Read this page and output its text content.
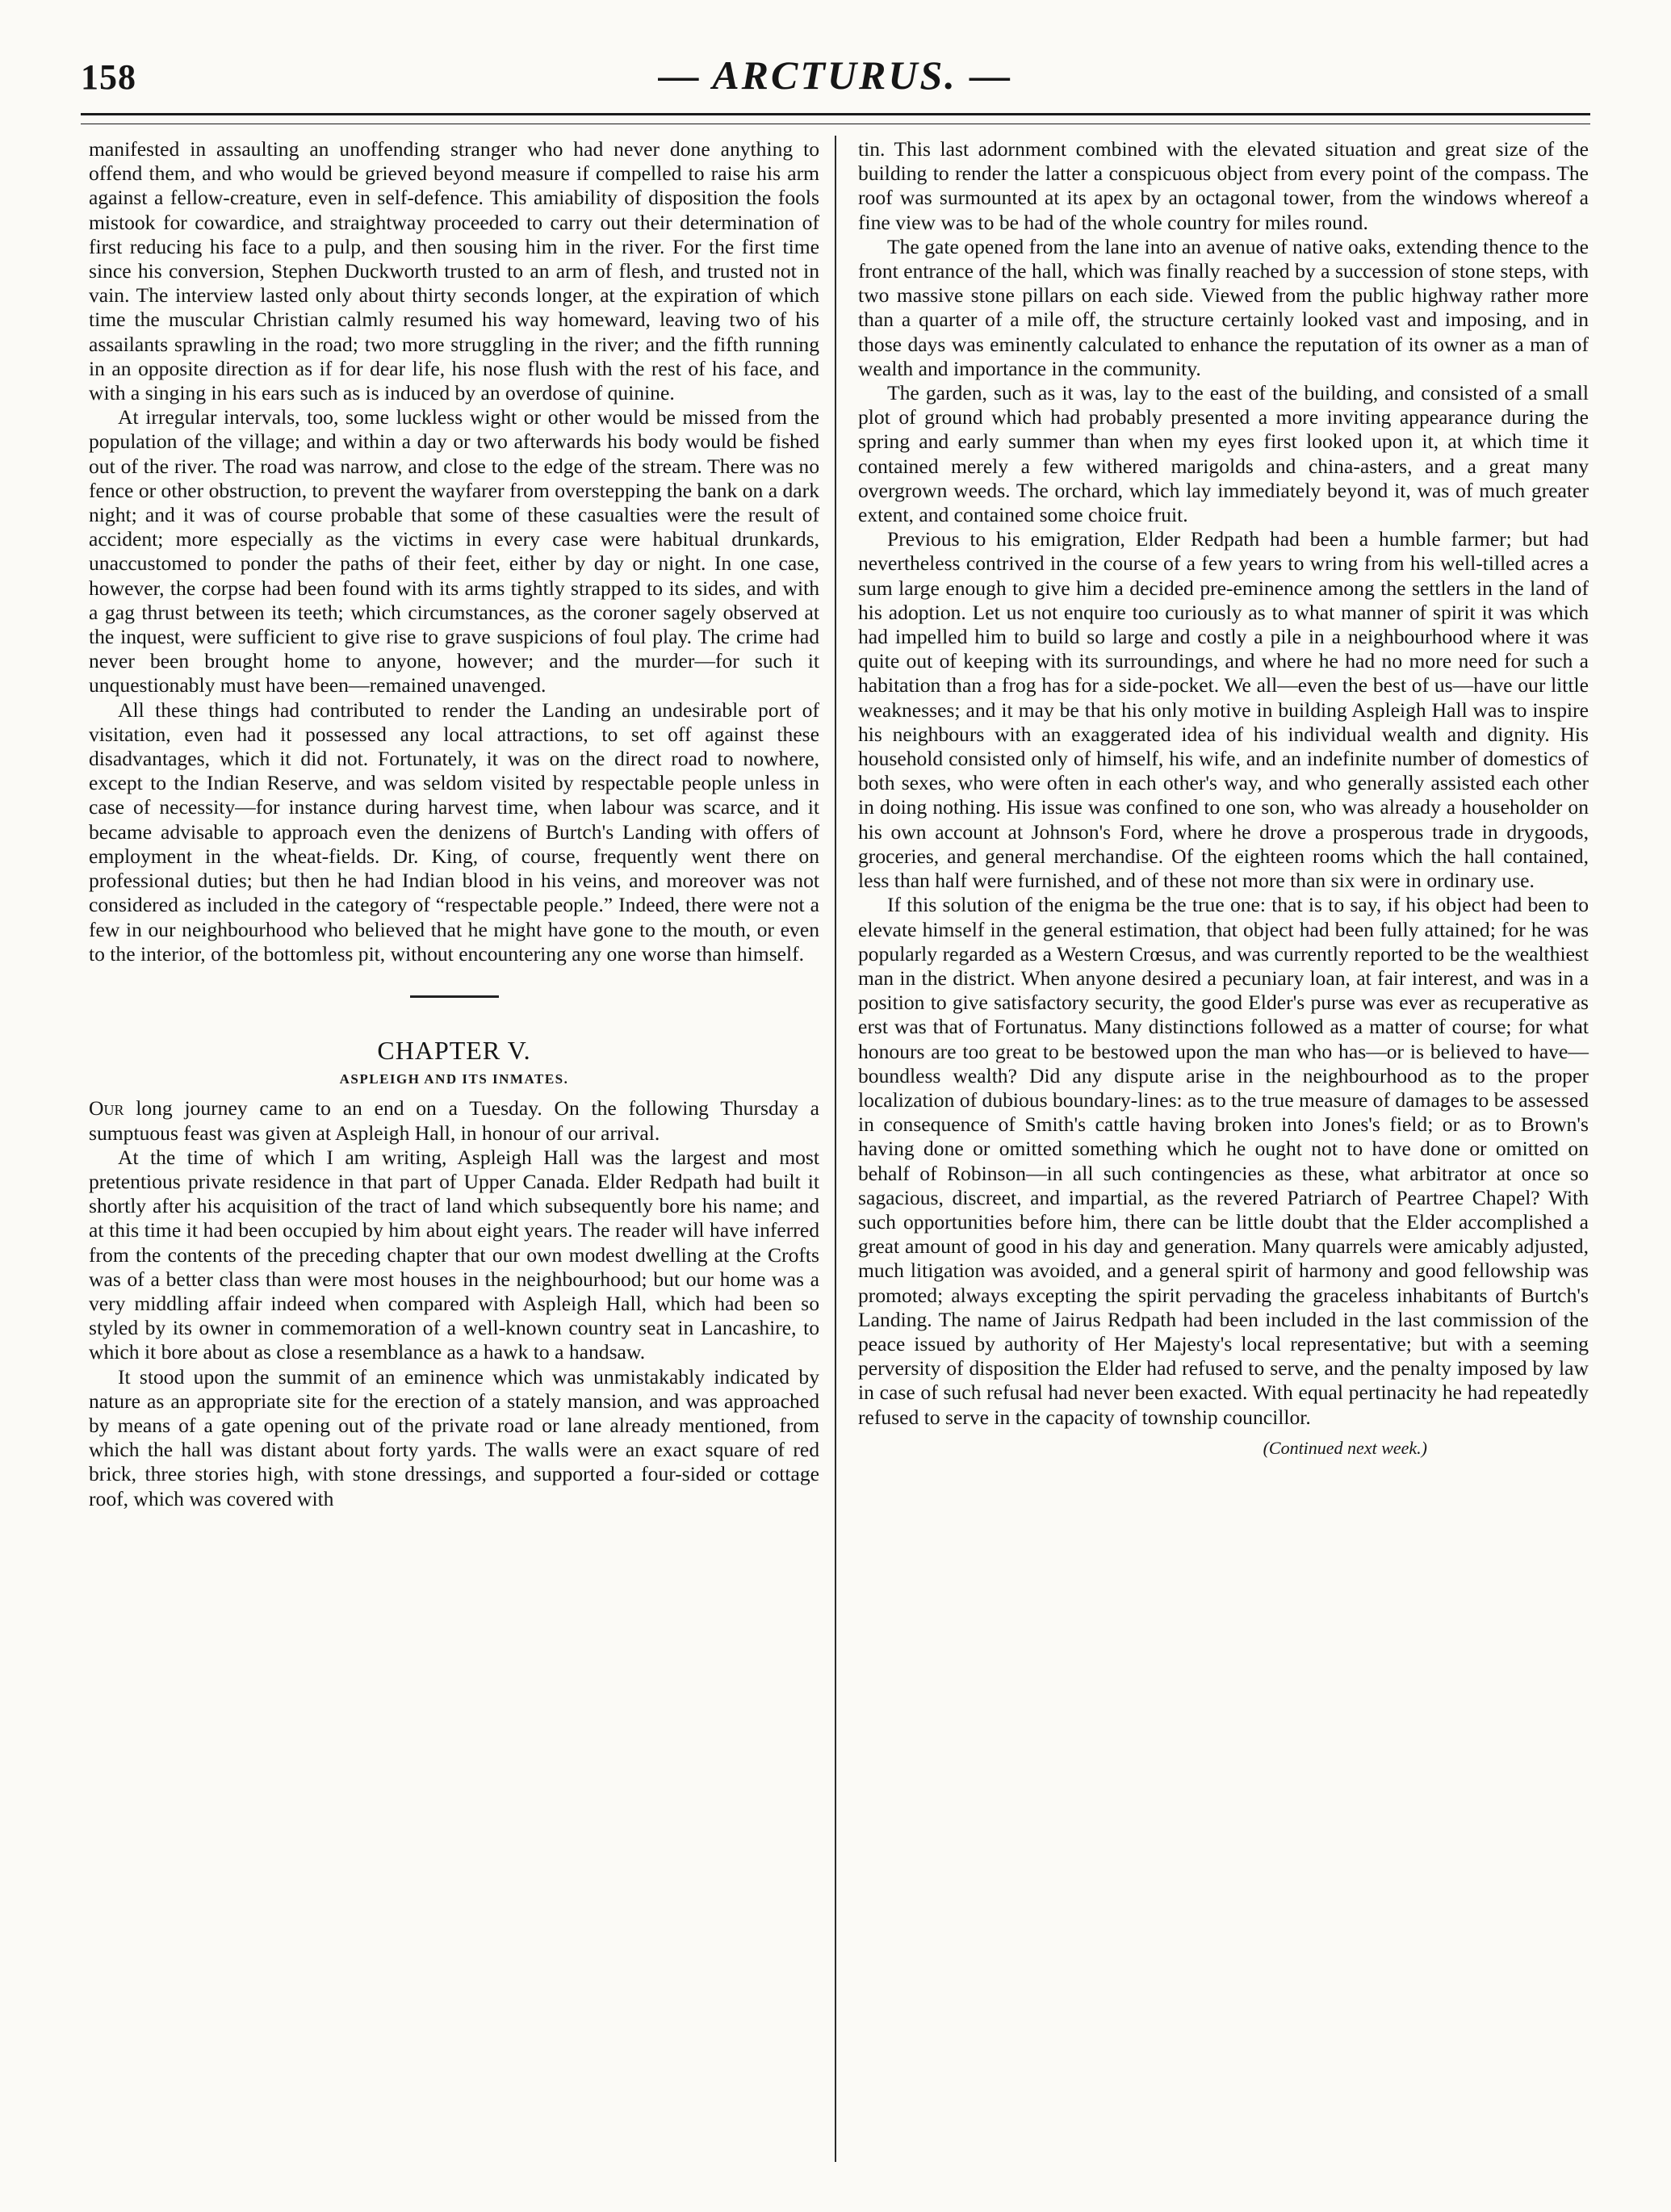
158	— ARCTURUS. —

manifested in assaulting an unoffending stranger who had never done anything to offend them, and who would be grieved beyond measure if compelled to raise his arm against a fellow-creature, even in self-defence. This amiability of disposition the fools mistook for cowardice, and straightway proceeded to carry out their determination of first reducing his face to a pulp, and then sousing him in the river. For the first time since his conversion, Stephen Duckworth trusted to an arm of flesh, and trusted not in vain. The interview lasted only about thirty seconds longer, at the expiration of which time the muscular Christian calmly resumed his way homeward, leaving two of his assailants sprawling in the road; two more struggling in the river; and the fifth running in an opposite direction as if for dear life, his nose flush with the rest of his face, and with a singing in his ears such as is induced by an overdose of quinine.

At irregular intervals, too, some luckless wight or other would be missed from the population of the village; and within a day or two afterwards his body would be fished out of the river. The road was narrow, and close to the edge of the stream. There was no fence or other obstruction, to prevent the wayfarer from overstepping the bank on a dark night; and it was of course probable that some of these casualties were the result of accident; more especially as the victims in every case were habitual drunkards, unaccustomed to ponder the paths of their feet, either by day or night. In one case, however, the corpse had been found with its arms tightly strapped to its sides, and with a gag thrust between its teeth; which circumstances, as the coroner sagely observed at the inquest, were sufficient to give rise to grave suspicions of foul play. The crime had never been brought home to anyone, however; and the murder—for such it unquestionably must have been—remained unavenged.

All these things had contributed to render the Landing an undesirable port of visitation, even had it possessed any local attractions, to set off against these disadvantages, which it did not. Fortunately, it was on the direct road to nowhere, except to the Indian Reserve, and was seldom visited by respectable people unless in case of necessity—for instance during harvest time, when labour was scarce, and it became advisable to approach even the denizens of Burtch's Landing with offers of employment in the wheat-fields. Dr. King, of course, frequently went there on professional duties; but then he had Indian blood in his veins, and moreover was not considered as included in the category of “respectable people.” Indeed, there were not a few in our neighbourhood who believed that he might have gone to the mouth, or even to the interior, of the bottomless pit, without encountering any one worse than himself.

CHAPTER V.
ASPLEIGH AND ITS INMATES.

Our long journey came to an end on a Tuesday. On the following Thursday a sumptuous feast was given at Aspleigh Hall, in honour of our arrival.

At the time of which I am writing, Aspleigh Hall was the largest and most pretentious private residence in that part of Upper Canada. Elder Redpath had built it shortly after his acquisition of the tract of land which subsequently bore his name; and at this time it had been occupied by him about eight years. The reader will have inferred from the contents of the preceding chapter that our own modest dwelling at the Crofts was of a better class than were most houses in the neighbourhood; but our home was a very middling affair indeed when compared with Aspleigh Hall, which had been so styled by its owner in commemoration of a well-known country seat in Lancashire, to which it bore about as close a resemblance as a hawk to a handsaw.

It stood upon the summit of an eminence which was unmistakably indicated by nature as an appropriate site for the erection of a stately mansion, and was approached by means of a gate opening out of the private road or lane already mentioned, from which the hall was distant about forty yards. The walls were an exact square of red brick, three stories high, with stone dressings, and supported a four-sided or cottage roof, which was covered with

tin. This last adornment combined with the elevated situation and great size of the building to render the latter a conspicuous object from every point of the compass. The roof was surmounted at its apex by an octagonal tower, from the windows whereof a fine view was to be had of the whole country for miles round.

The gate opened from the lane into an avenue of native oaks, extending thence to the front entrance of the hall, which was finally reached by a succession of stone steps, with two massive stone pillars on each side. Viewed from the public highway rather more than a quarter of a mile off, the structure certainly looked vast and imposing, and in those days was eminently calculated to enhance the reputation of its owner as a man of wealth and importance in the community.

The garden, such as it was, lay to the east of the building, and consisted of a small plot of ground which had probably presented a more inviting appearance during the spring and early summer than when my eyes first looked upon it, at which time it contained merely a few withered marigolds and china-asters, and a great many overgrown weeds. The orchard, which lay immediately beyond it, was of much greater extent, and contained some choice fruit.

Previous to his emigration, Elder Redpath had been a humble farmer; but had nevertheless contrived in the course of a few years to wring from his well-tilled acres a sum large enough to give him a decided pre-eminence among the settlers in the land of his adoption. Let us not enquire too curiously as to what manner of spirit it was which had impelled him to build so large and costly a pile in a neighbourhood where it was quite out of keeping with its surroundings, and where he had no more need for such a habitation than a frog has for a side-pocket. We all—even the best of us—have our little weaknesses; and it may be that his only motive in building Aspleigh Hall was to inspire his neighbours with an exaggerated idea of his individual wealth and dignity. His household consisted only of himself, his wife, and an indefinite number of domestics of both sexes, who were often in each other's way, and who generally assisted each other in doing nothing. His issue was confined to one son, who was already a householder on his own account at Johnson's Ford, where he drove a prosperous trade in drygoods, groceries, and general merchandise. Of the eighteen rooms which the hall contained, less than half were furnished, and of these not more than six were in ordinary use.

If this solution of the enigma be the true one: that is to say, if his object had been to elevate himself in the general estimation, that object had been fully attained; for he was popularly regarded as a Western Crœsus, and was currently reported to be the wealthiest man in the district. When anyone desired a pecuniary loan, at fair interest, and was in a position to give satisfactory security, the good Elder's purse was ever as recuperative as erst was that of Fortunatus. Many distinctions followed as a matter of course; for what honours are too great to be bestowed upon the man who has—or is believed to have—boundless wealth? Did any dispute arise in the neighbourhood as to the proper localization of dubious boundary-lines: as to the true measure of damages to be assessed in consequence of Smith's cattle having broken into Jones's field; or as to Brown's having done or omitted something which he ought not to have done or omitted on behalf of Robinson—in all such contingencies as these, what arbitrator at once so sagacious, discreet, and impartial, as the revered Patriarch of Peartree Chapel? With such opportunities before him, there can be little doubt that the Elder accomplished a great amount of good in his day and generation. Many quarrels were amicably adjusted, much litigation was avoided, and a general spirit of harmony and good fellowship was promoted; always excepting the spirit pervading the graceless inhabitants of Burtch's Landing. The name of Jairus Redpath had been included in the last commission of the peace issued by authority of Her Majesty's local representative; but with a seeming perversity of disposition the Elder had refused to serve, and the penalty imposed by law in case of such refusal had never been exacted. With equal pertinacity he had repeatedly refused to serve in the capacity of township councillor.

(Continued next week.)
